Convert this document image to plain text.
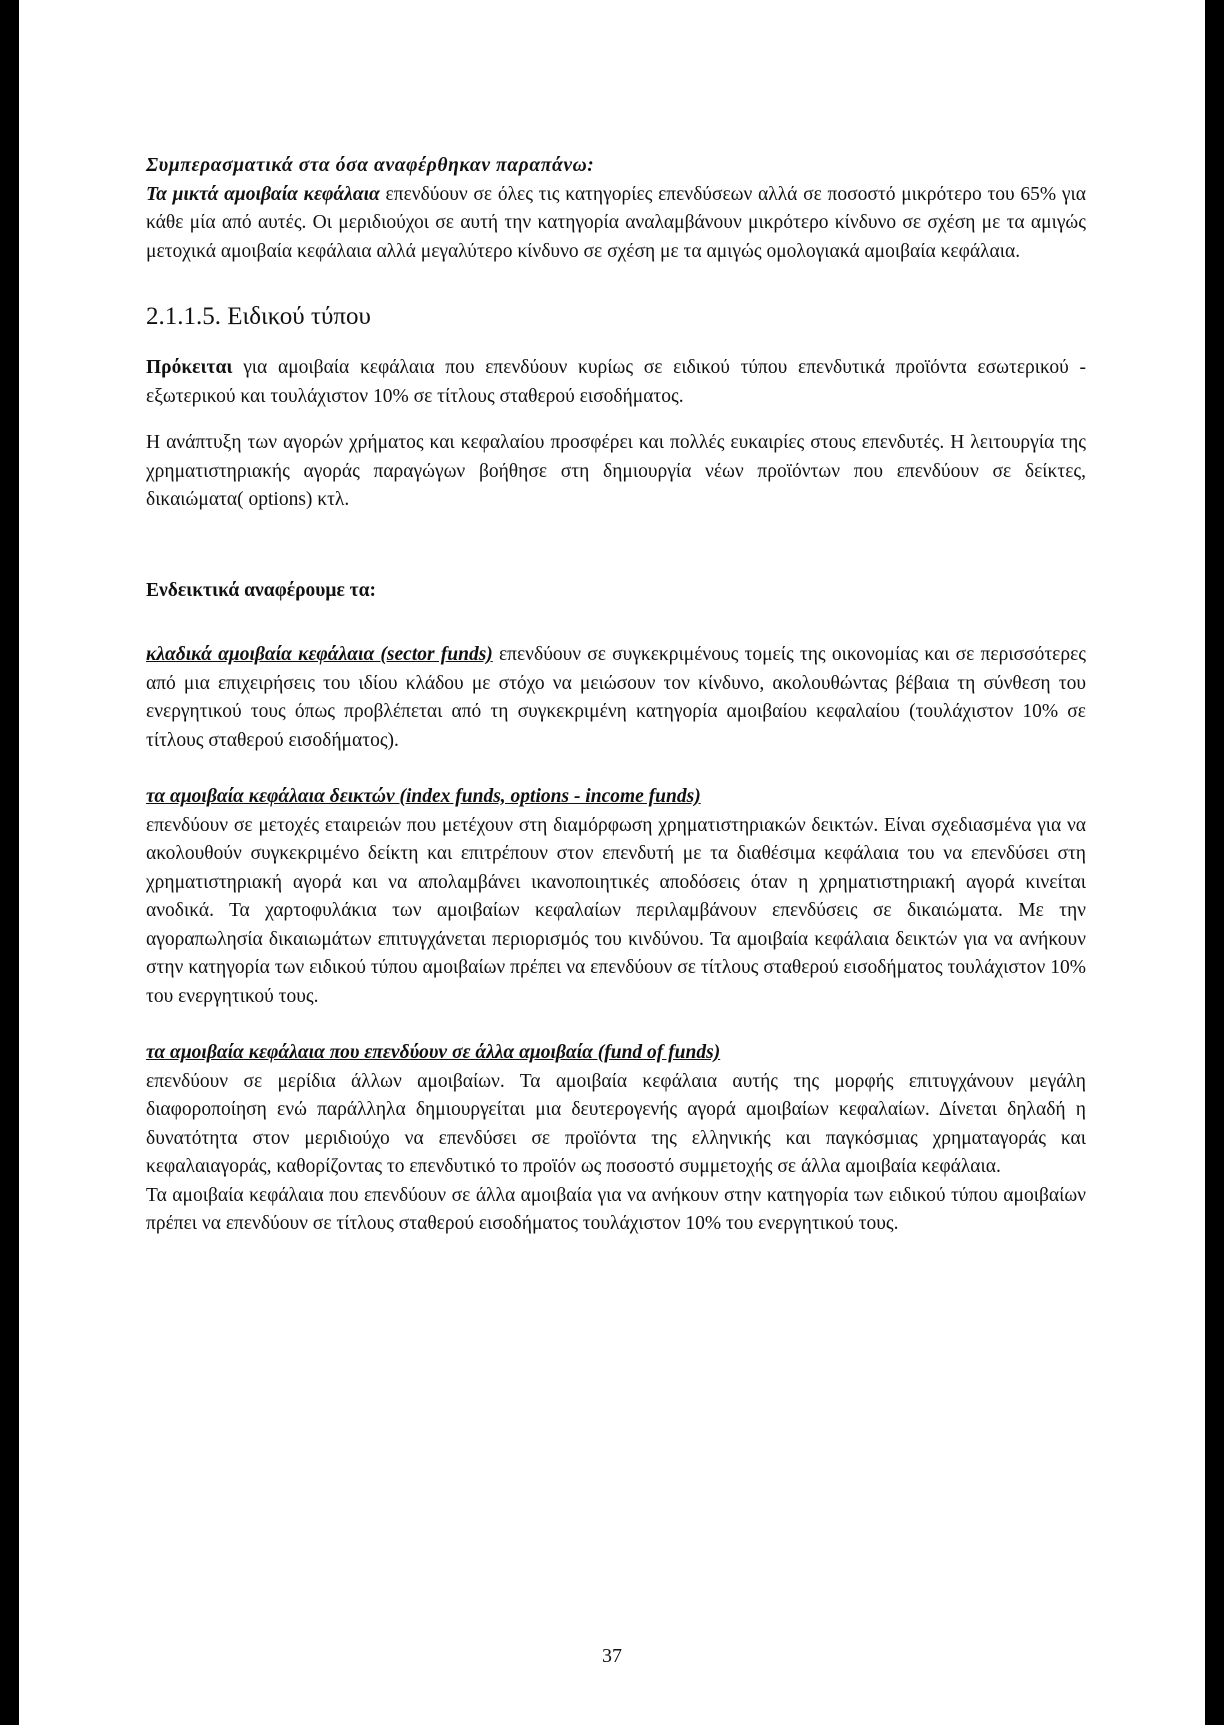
Συμπερασματικά στα όσα αναφέρθηκαν παραπάνω:

Τα μικτά αμοιβαία κεφάλαια επενδύουν σε όλες τις κατηγορίες επενδύσεων αλλά σε ποσοστό μικρότερο του 65% για κάθε μία από αυτές. Οι μεριδιούχοι σε αυτή την κατηγορία αναλαμβάνουν μικρότερο κίνδυνο σε σχέση με τα αμιγώς μετοχικά αμοιβαία κεφάλαια αλλά μεγαλύτερο κίνδυνο σε σχέση με τα αμιγώς ομολογιακά αμοιβαία κεφάλαια.

2.1.1.5. Ειδικού τύπου

Πρόκειται για αμοιβαία κεφάλαια που επενδύουν κυρίως σε ειδικού τύπου επενδυτικά προϊόντα εσωτερικού - εξωτερικού και τουλάχιστον 10% σε τίτλους σταθερού εισοδήματος.

Η ανάπτυξη των αγορών χρήματος και κεφαλαίου προσφέρει και πολλές ευκαιρίες στους επενδυτές. Η λειτουργία της χρηματιστηριακής αγοράς παραγώγων βοήθησε στη δημιουργία νέων προϊόντων που επενδύουν σε δείκτες, δικαιώματα( options) κτλ.

Ενδεικτικά αναφέρουμε τα:

κλαδικά αμοιβαία κεφάλαια (sector funds) επενδύουν σε συγκεκριμένους τομείς της οικονομίας και σε περισσότερες από μια επιχειρήσεις του ιδίου κλάδου με στόχο να μειώσουν τον κίνδυνο, ακολουθώντας βέβαια τη σύνθεση του ενεργητικού τους όπως προβλέπεται από τη συγκεκριμένη κατηγορία αμοιβαίου κεφαλαίου (τουλάχιστον 10% σε τίτλους σταθερού εισοδήματος).

τα αμοιβαία κεφάλαια δεικτών (index funds, options - income funds)

επενδύουν σε μετοχές εταιρειών που μετέχουν στη διαμόρφωση χρηματιστηριακών δεικτών. Είναι σχεδιασμένα για να ακολουθούν συγκεκριμένο δείκτη και επιτρέπουν στον επενδυτή με τα διαθέσιμα κεφάλαια του να επενδύσει στη χρηματιστηριακή αγορά και να απολαμβάνει ικανοποιητικές αποδόσεις όταν η χρηματιστηριακή αγορά κινείται ανοδικά. Τα χαρτοφυλάκια των αμοιβαίων κεφαλαίων περιλαμβάνουν επενδύσεις σε δικαιώματα. Με την αγοραπωλησία δικαιωμάτων επιτυγχάνεται περιορισμός του κινδύνου. Τα αμοιβαία κεφάλαια δεικτών για να ανήκουν στην κατηγορία των ειδικού τύπου αμοιβαίων πρέπει να επενδύουν σε τίτλους σταθερού εισοδήματος τουλάχιστον 10% του ενεργητικού τους.

τα αμοιβαία κεφάλαια που επενδύουν σε άλλα αμοιβαία (fund of funds)

επενδύουν σε μερίδια άλλων αμοιβαίων. Τα αμοιβαία κεφάλαια αυτής της μορφής επιτυγχάνουν μεγάλη διαφοροποίηση ενώ παράλληλα δημιουργείται μια δευτερογενής αγορά αμοιβαίων κεφαλαίων. Δίνεται δηλαδή η δυνατότητα στον μεριδιούχο να επενδύσει σε προϊόντα της ελληνικής και παγκόσμιας χρηματαγοράς και κεφαλαιαγοράς, καθορίζοντας το επενδυτικό το προϊόν ως ποσοστό συμμετοχής σε άλλα αμοιβαία κεφάλαια.

Τα αμοιβαία κεφάλαια που επενδύουν σε άλλα αμοιβαία για να ανήκουν στην κατηγορία των ειδικού τύπου αμοιβαίων πρέπει να επενδύουν σε τίτλους σταθερού εισοδήματος τουλάχιστον 10% του ενεργητικού τους.

37
